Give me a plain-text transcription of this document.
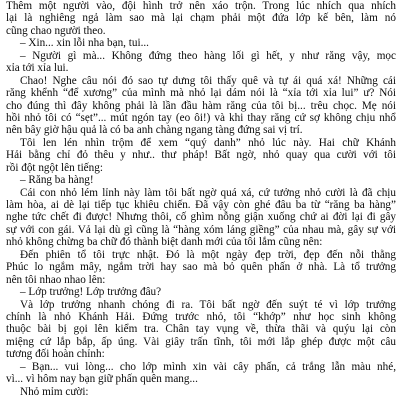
Thêm một người vào, đội hình trở nên xáo trộn. Trong lúc nhích qua nhích
lại là nghiêng ngả làm sao mà lại chạm phải một đứa lớp kế bên, làm nó
cũng chao người theo.
– Xin... xin lỗi nha bạn, tui...
– Người gì mà... Không đứng theo hàng lối gì hết, y như răng vậy, mọc
xỉa tới xỉa lui.
Chao! Nghe câu nói đó sao tự dưng tôi thấy quê và tự ái quá xá! Những cái
răng khểnh “để xương” của mình mà nhỏ lại dám nói là “xỉa tới xỉa lui” ư? Nói
cho đúng thì đây không phải là lần đầu hàm răng của tôi bị... trêu chọc. Mẹ nói
hồi nhỏ tôi có “sẹt”... mút ngón tay (eo ôi!) và khi thay răng cứ sợ không chịu nhổ
nên bây giờ hậu quả là có ba anh chàng ngang tàng đứng sai vị trí.
Tôi len lén nhìn trộm để xem “quý danh” nhỏ lúc này. Hai chữ Khánh
Hải bằng chỉ đỏ thêu y như.. thư pháp! Bất ngờ, nhỏ quay qua cười với tôi
rồi đột ngột lên tiếng:
– Răng ba hàng!
Cái con nhỏ lém lỉnh này làm tôi bất ngờ quá xá, cứ tưởng nhỏ cười là đã chịu
làm hòa, ai dè lại tiếp tục khiêu chiến. Đã vậy còn ghé đâu ba từ “răng ba hàng”
nghe tức chết đi được! Nhưng thôi, cố ghìm nỗng giận xuống chứ ai đời lại đi gây
sự với con gái. Vả lại dù gì cũng là “hàng xóm láng giềng” của nhau mà, gây sự với
nhỏ không chừng ba chữ đó thành biệt danh mới của tôi lắm cũng nên:
Đến phiên tổ tôi trực nhật. Đó là một ngày đẹp trời, đẹp đến nỗi thằng
Phúc lo ngắm mây, ngắm trời hay sao mà bỏ quên phấn ở nhà. Là tổ trưởng
nên tôi nhao nhao lên:
– Lớp trưởng! Lớp trưởng đâu?
Và lớp trưởng nhanh chóng đi ra. Tôi bất ngờ đến suýt té vì lớp trưởng
chính là nhỏ Khánh Hải. Đứng trước nhỏ, tôi “khớp” như học sinh không
thuộc bài bị gọi lên kiểm tra. Chân tay vụng về, thừa thãi và quýu lại còn
miệng cứ lắp bắp, ấp úng. Vài giây trấn tĩnh, tôi mới lắp ghép được một câu
tương đối hoàn chỉnh:
– Bạn... vui lòng... cho lớp mình xin vài cây phấn, cả trắng lẫn màu nhé,
vì... vì hôm nay bạn giữ phấn quên mang...
Nhỏ mỉm cười:
